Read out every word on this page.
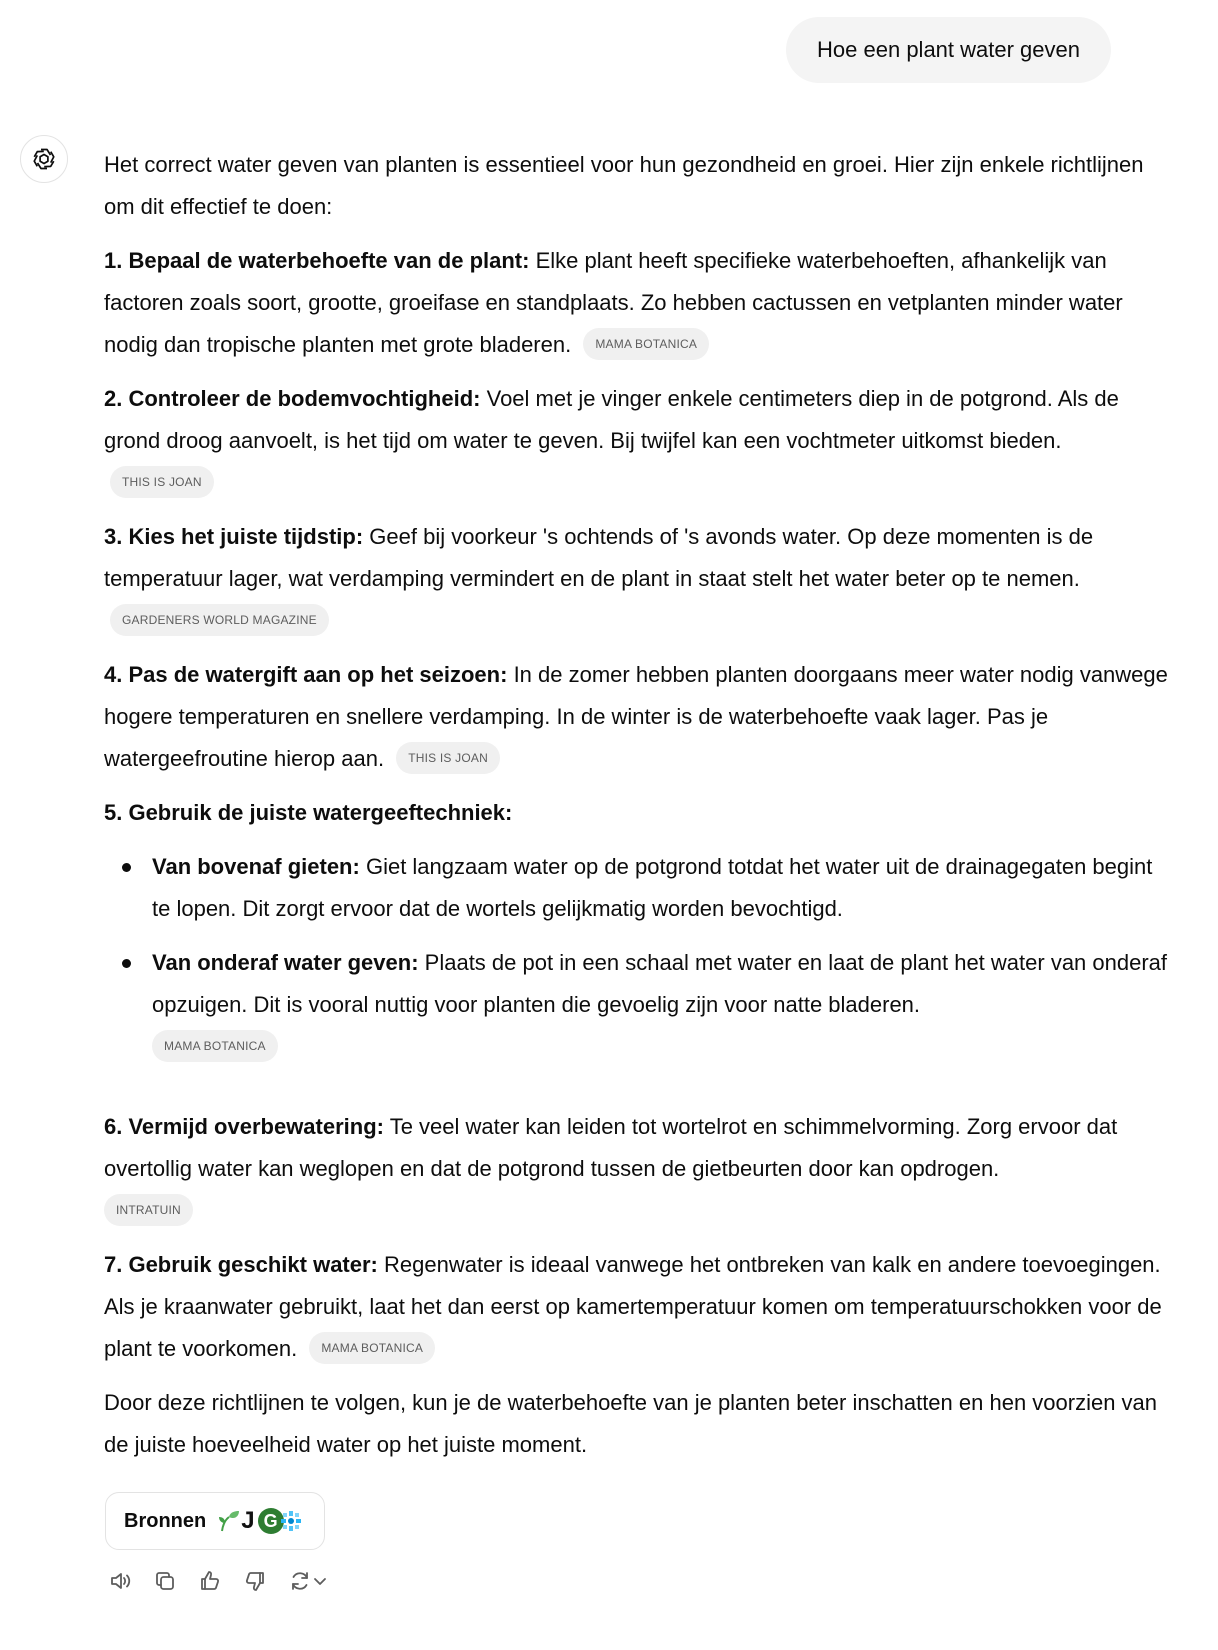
Hoe een plant water geven

Het correct water geven van planten is essentieel voor hun gezondheid en groei. Hier zijn enkele richtlijnen om dit effectief te doen:

1. Bepaal de waterbehoefte van de plant: Elke plant heeft specifieke waterbehoeften, afhankelijk van factoren zoals soort, grootte, groeifase en standplaats. Zo hebben cactussen en vetplanten minder water nodig dan tropische planten met grote bladeren. MAMA BOTANICA

2. Controleer de bodemvochtigheid: Voel met je vinger enkele centimeters diep in de potgrond. Als de grond droog aanvoelt, is het tijd om water te geven. Bij twijfel kan een vochtmeter uitkomst bieden. THIS IS JOAN

3. Kies het juiste tijdstip: Geef bij voorkeur 's ochtends of 's avonds water. Op deze momenten is de temperatuur lager, wat verdamping vermindert en de plant in staat stelt het water beter op te nemen. GARDENERS WORLD MAGAZINE

4. Pas de watergift aan op het seizoen: In de zomer hebben planten doorgaans meer water nodig vanwege hogere temperaturen en snellere verdamping. In de winter is de waterbehoefte vaak lager. Pas je watergeefroutine hierop aan. THIS IS JOAN

5. Gebruik de juiste watergeeftechniek:

Van bovenaf gieten: Giet langzaam water op de potgrond totdat het water uit de drainagegaten begint te lopen. Dit zorgt ervoor dat de wortels gelijkmatig worden bevochtigd.
Van onderaf water geven: Plaats de pot in een schaal met water en laat de plant het water van onderaf opzuigen. Dit is vooral nuttig voor planten die gevoelig zijn voor natte bladeren.
MAMA BOTANICA

6. Vermijd overbewatering: Te veel water kan leiden tot wortelrot en schimmelvorming. Zorg ervoor dat overtollig water kan weglopen en dat de potgrond tussen de gietbeurten door kan opdrogen.
INTRATUIN

7. Gebruik geschikt water: Regenwater is ideaal vanwege het ontbreken van kalk en andere toevoegingen. Als je kraanwater gebruikt, laat het dan eerst op kamertemperatuur komen om temperatuurschokken voor de plant te voorkomen. MAMA BOTANICA

Door deze richtlijnen te volgen, kun je de waterbehoefte van je planten beter inschatten en hen voorzien van de juiste hoeveelheid water op het juiste moment.

Bronnen J G
